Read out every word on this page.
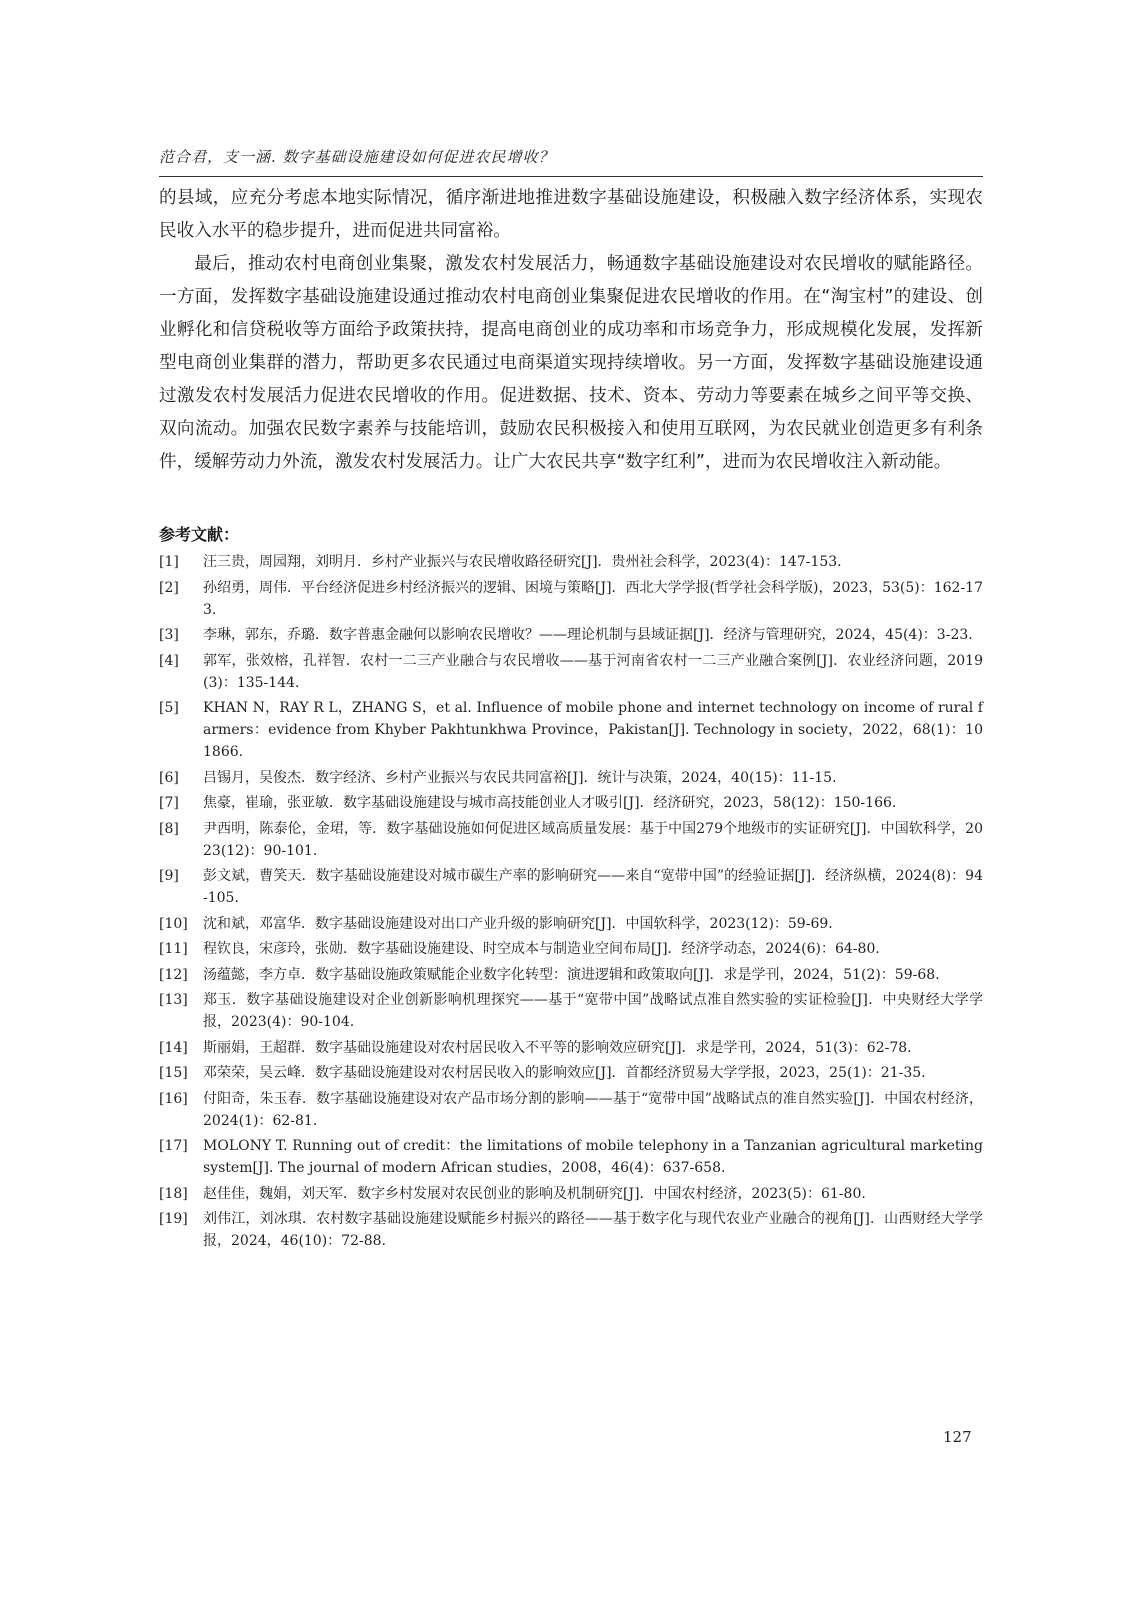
范合君，支一涵. 数字基础设施建设如何促进农民增收？

的县域，应充分考虑本地实际情况，循序渐进地推进数字基础设施建设，积极融入数字经济体系，实现农民收入水平的稳步提升，进而促进共同富裕。

最后，推动农村电商创业集聚，激发农村发展活力，畅通数字基础设施建设对农民增收的赋能路径。一方面，发挥数字基础设施建设通过推动农村电商创业集聚促进农民增收的作用。在“淘宝村”的建设、创业孵化和信贷税收等方面给予政策扶持，提高电商创业的成功率和市场竞争力，形成规模化发展，发挥新型电商创业集群的潜力，帮助更多农民通过电商渠道实现持续增收。另一方面，发挥数字基础设施建设通过激发农村发展活力促进农民增收的作用。促进数据、技术、资本、劳动力等要素在城乡之间平等交换、双向流动。加强农民数字素养与技能培训，鼓励农民积极接入和使用互联网，为农民就业创造更多有利条件，缓解劳动力外流，激发农村发展活力。让广大农民共享“数字红利”，进而为农民增收注入新动能。

参考文献：
[1]	汪三贵，周园翔，刘明月．乡村产业振兴与农民增收路径研究[J]．贵州社会科学，2023(4)：147-153.
[2]	孙绍勇，周伟．平台经济促进乡村经济振兴的逻辑、困境与策略[J]．西北大学学报(哲学社会科学版)，2023，53(5)：162-173.
[3]	李琳，郭东，乔璐．数字普惠金融何以影响农民增收？——理论机制与县域证据[J]．经济与管理研究，2024，45(4)：3-23.
[4]	郭军，张效榕，孔祥智．农村一二三产业融合与农民增收——基于河南省农村一二三产业融合案例[J]．农业经济问题，2019(3)：135-144.
[5]	KHAN N，RAY R L，ZHANG S，et al. Influence of mobile phone and internet technology on income of rural farmers：evidence from Khyber Pakhtunkhwa Province，Pakistan[J]. Technology in society，2022，68(1)：101866.
[6]	吕锡月，吴俊杰．数字经济、乡村产业振兴与农民共同富裕[J]．统计与决策，2024，40(15)：11-15.
[7]	焦豪，崔瑜，张亚敏．数字基础设施建设与城市高技能创业人才吸引[J]．经济研究，2023，58(12)：150-166.
[8]	尹西明，陈泰伦，金珺，等．数字基础设施如何促进区域高质量发展：基于中国279个地级市的实证研究[J]．中国软科学，2023(12)：90-101.
[9]	彭文斌，曹笑天．数字基础设施建设对城市碳生产率的影响研究——来自“宽带中国”的经验证据[J]．经济纵横，2024(8)：94-105.
[10]	沈和斌，邓富华．数字基础设施建设对出口产业升级的影响研究[J]．中国软科学，2023(12)：59-69.
[11]	程钦良，宋彦玲，张勋．数字基础设施建设、时空成本与制造业空间布局[J]．经济学动态，2024(6)：64-80.
[12]	汤蕴懿，李方卓．数字基础设施政策赋能企业数字化转型：演进逻辑和政策取向[J]．求是学刊，2024，51(2)：59-68.
[13]	郑玉．数字基础设施建设对企业创新影响机理探究——基于“宽带中国”战略试点准自然实验的实证检验[J]．中央财经大学学报，2023(4)：90-104.
[14]	斯丽娟，王超群．数字基础设施建设对农村居民收入不平等的影响效应研究[J]．求是学刊，2024，51(3)：62-78.
[15]	邓荣荣，吴云峰．数字基础设施建设对农村居民收入的影响效应[J]．首都经济贸易大学学报，2023，25(1)：21-35.
[16]	付阳奇，朱玉春．数字基础设施建设对农产品市场分割的影响——基于“宽带中国”战略试点的准自然实验[J]．中国农村经济，2024(1)：62-81.
[17]	MOLONY T. Running out of credit：the limitations of mobile telephony in a Tanzanian agricultural marketing system[J]. The journal of modern African studies，2008，46(4)：637-658.
[18]	赵佳佳，魏娟，刘天军．数字乡村发展对农民创业的影响及机制研究[J]．中国农村经济，2023(5)：61-80.
[19]	刘伟江，刘冰琪．农村数字基础设施建设赋能乡村振兴的路径——基于数字化与现代农业产业融合的视角[J]．山西财经大学学报，2024，46(10)：72-88.
127
